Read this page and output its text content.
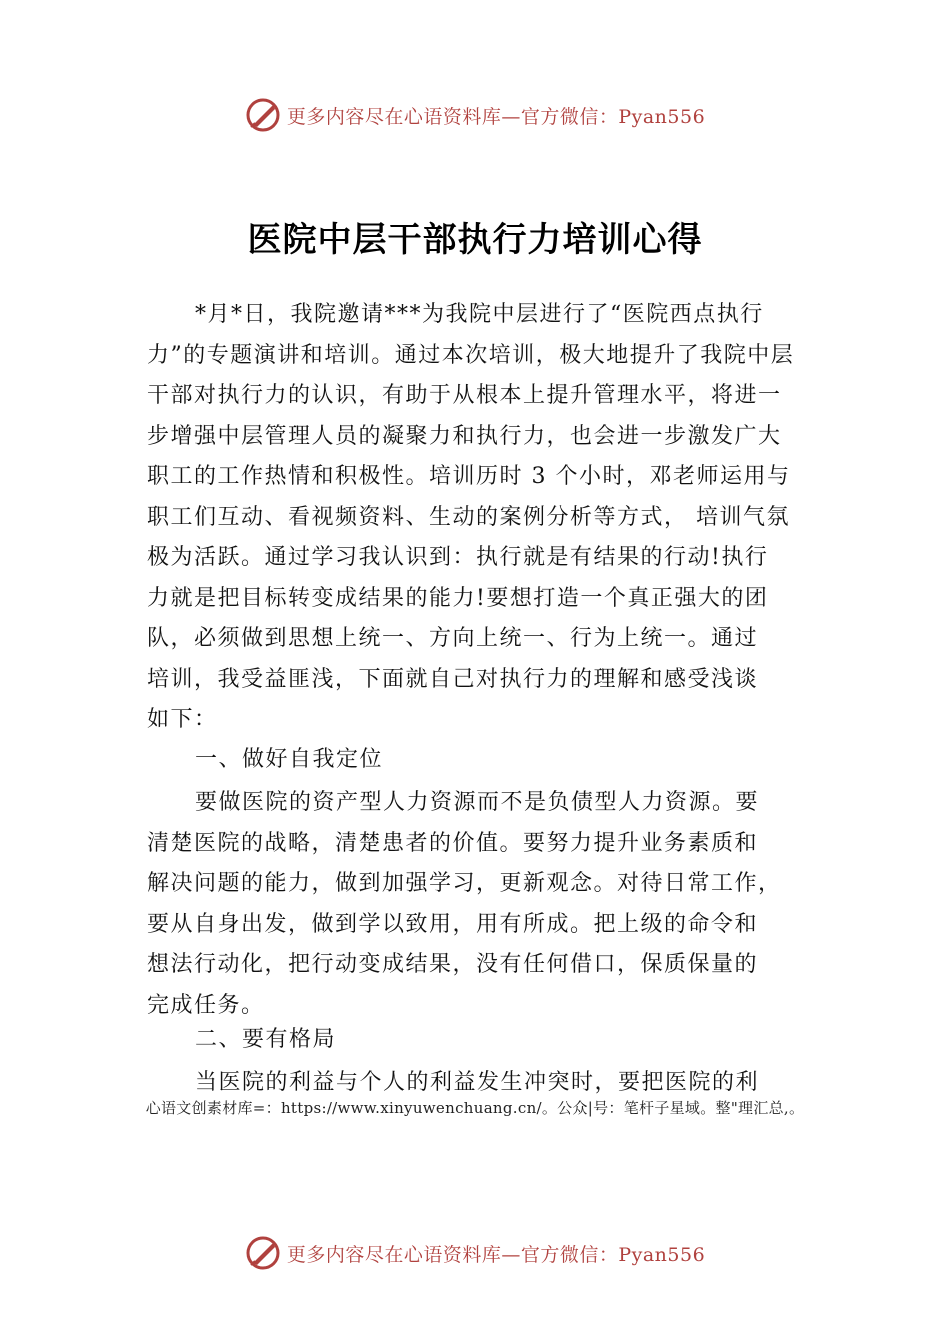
更多内容尽在心语资料库—官方微信：Pyan556
医院中层干部执行力培训心得
*月*日，我院邀请***为我院中层进行了“医院西点执行
力”的专题演讲和培训。通过本次培训，极大地提升了我院中层
干部对执行力的认识，有助于从根本上提升管理水平，将进一
步增强中层管理人员的凝聚力和执行力，也会进一步激发广大
职工的工作热情和积极性。培训历时 3 个小时，邓老师运用与
职工们互动、看视频资料、生动的案例分析等方式， 培训气氛
极为活跃。通过学习我认识到：执行就是有结果的行动!执行
力就是把目标转变成结果的能力!要想打造一个真正强大的团
队，必须做到思想上统一、方向上统一、行为上统一。通过
培训，我受益匪浅，下面就自己对执行力的理解和感受浅谈
如下：
一、做好自我定位
要做医院的资产型人力资源而不是负债型人力资源。要
清楚医院的战略，清楚患者的价值。要努力提升业务素质和
解决问题的能力，做到加强学习，更新观念。对待日常工作，
要从自身出发，做到学以致用，用有所成。把上级的命令和
想法行动化，把行动变成结果，没有任何借口，保质保量的
完成任务。
二、要有格局
当医院的利益与个人的利益发生冲突时，要把医院的利
心语文创素材库=：https://www.xinyuwenchuang.cn/。公众|号：笔杆子星域。整"理汇总,。
更多内容尽在心语资料库—官方微信：Pyan556
